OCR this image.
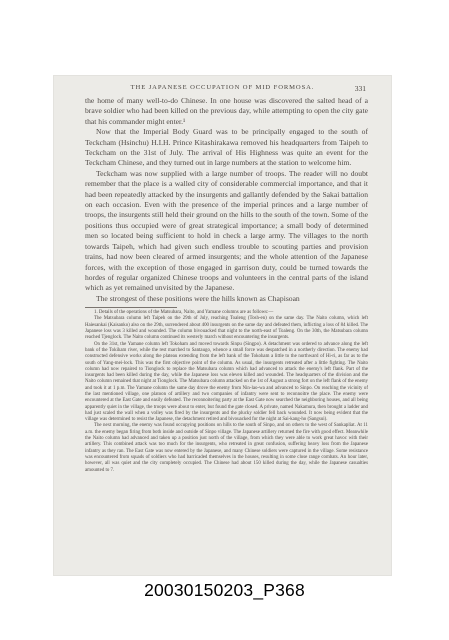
THE JAPANESE OCCUPATION OF MID FORMOSA.	331

the home of many well-to-do Chinese. In one house was discovered the salted head of a brave soldier who had been killed on the previous day, while attempting to open the city gate that his commander might enter.¹

Now that the Imperial Body Guard was to be principally engaged to the south of Teckcham (Hsinchu) H.I.H. Prince Kitashirakawa removed his headquarters from Taipeh to Teckcham on the 31st of July. The arrival of His Highness was quite an event for the Teckcham Chinese, and they turned out in large numbers at the station to welcome him.

Teckcham was now supplied with a large number of troops. The reader will no doubt remember that the place is a walled city of considerable commercial importance, and that it had been repeatedly attacked by the insurgents and gallantly defended by the Sakai battalion on each occasion. Even with the presence of the imperial princes and a large number of troops, the insurgents still held their ground on the hills to the south of the town. Some of the positions thus occupied were of great strategical importance; a small body of determined men so located being sufficient to hold in check a large army. The villages to the north towards Taipeh, which had given such endless trouble to scouting parties and provision trains, had now been cleared of armed insurgents; and the whole attention of the Japanese forces, with the exception of those engaged in garrison duty, could be turned towards the hordes of regular organized Chinese troops and volunteers in the central parts of the island which as yet remained unvisited by the Japanese.

The strongest of these positions were the hills known as Chapisoan

1. Details of the operations of the Matsubara, Naito, and Yamane columns are as follows:—

The Matsubara column left Taipeh on the 29th of July, reaching Toaleng (Tosh-en) on the same day. The Naito column, which left Haiesankai (Kaisanko) also on the 29th, surrendered about 400 insurgents on the same day and defeated them, inflicting a loss of 84 killed. The Japanese loss was 3 killed and wounded. The column bivouacked that night to the north-east of Toaleng. On the 30th, the Matsubara column reached Tjenglock. The Naito column continued its westerly march without encountering the insurgents.

On the 31st, the Yamane column left Tokoham and moved towards Sinpu (Singpo). A detachment was ordered to advance along the left bank of the Tokiham river, while the rest marched to Santaugo, whence a small force was despatched in a northerly direction. The enemy had constructed defensive works along the plateau extending from the left bank of the Tokoham a little to the northward of Hi-ri, as far as to the south of Yang-mei-lock. This was the first objective point of the column. As usual, the insurgents retreated after a little fighting. The Naito column had now repaired to Tionglock to replace the Matsubara column which had advanced to attack the enemy's left flank. Part of the insurgents had been killed during the day, while the Japanese loss was eleven killed and wounded. The headquarters of the division and the Naito column remained that night at Tionglock. The Matsubara column attacked on the 1st of August a strong fort on the left flank of the enemy and took it at 1 p.m. The Yamane column the same day drove the enemy from Nin-lao-wa and advanced to Sinpo. On reaching the vicinity of the last mentioned village, one platoon of artillery and two companies of infantry were sent to reconnoitre the place. The enemy were encountered at the East Gate and easily defeated. The reconnoitering party at the East Gate now searched the neighboring houses, and all being apparently quiet in the village, the troops were about to enter, but found the gate closed. A private, named Nakamura, then brought a ladder and had just scaled the wall when a volley was fired by the insurgents and the plucky soldier fell back wounded. It now being evident that the village was determined to resist the Japanese, the detachment retired and bivouacked for the night at Sai-kang-ho (Sangsui).

The next morning, the enemy was found occupying positions on hills to the south of Sinpo, and on others to the west of Sankapliat. At 11 a.m. the enemy began firing from both inside and outside of Sinpo village. The Japanese artillery returned the fire with good effect. Meanwhile the Naito column had advanced and taken up a position just north of the village, from which they were able to work great havoc with their artillery. This combined attack was too much for the insurgents, who retreated in great confusion, suffering heavy loss from the Japanese infantry as they ran. The East Gate was now entered by the Japanese, and many Chinese soldiers were captured in the village. Some resistance was encountered from squads of soldiers who had barricaded themselves in the houses, resulting in some close range combats. An hour later, however, all was quiet and the city completely occupied. The Chinese had about 150 killed during the day, while the Japanese casualties amounted to 7.

20030150203_P368
